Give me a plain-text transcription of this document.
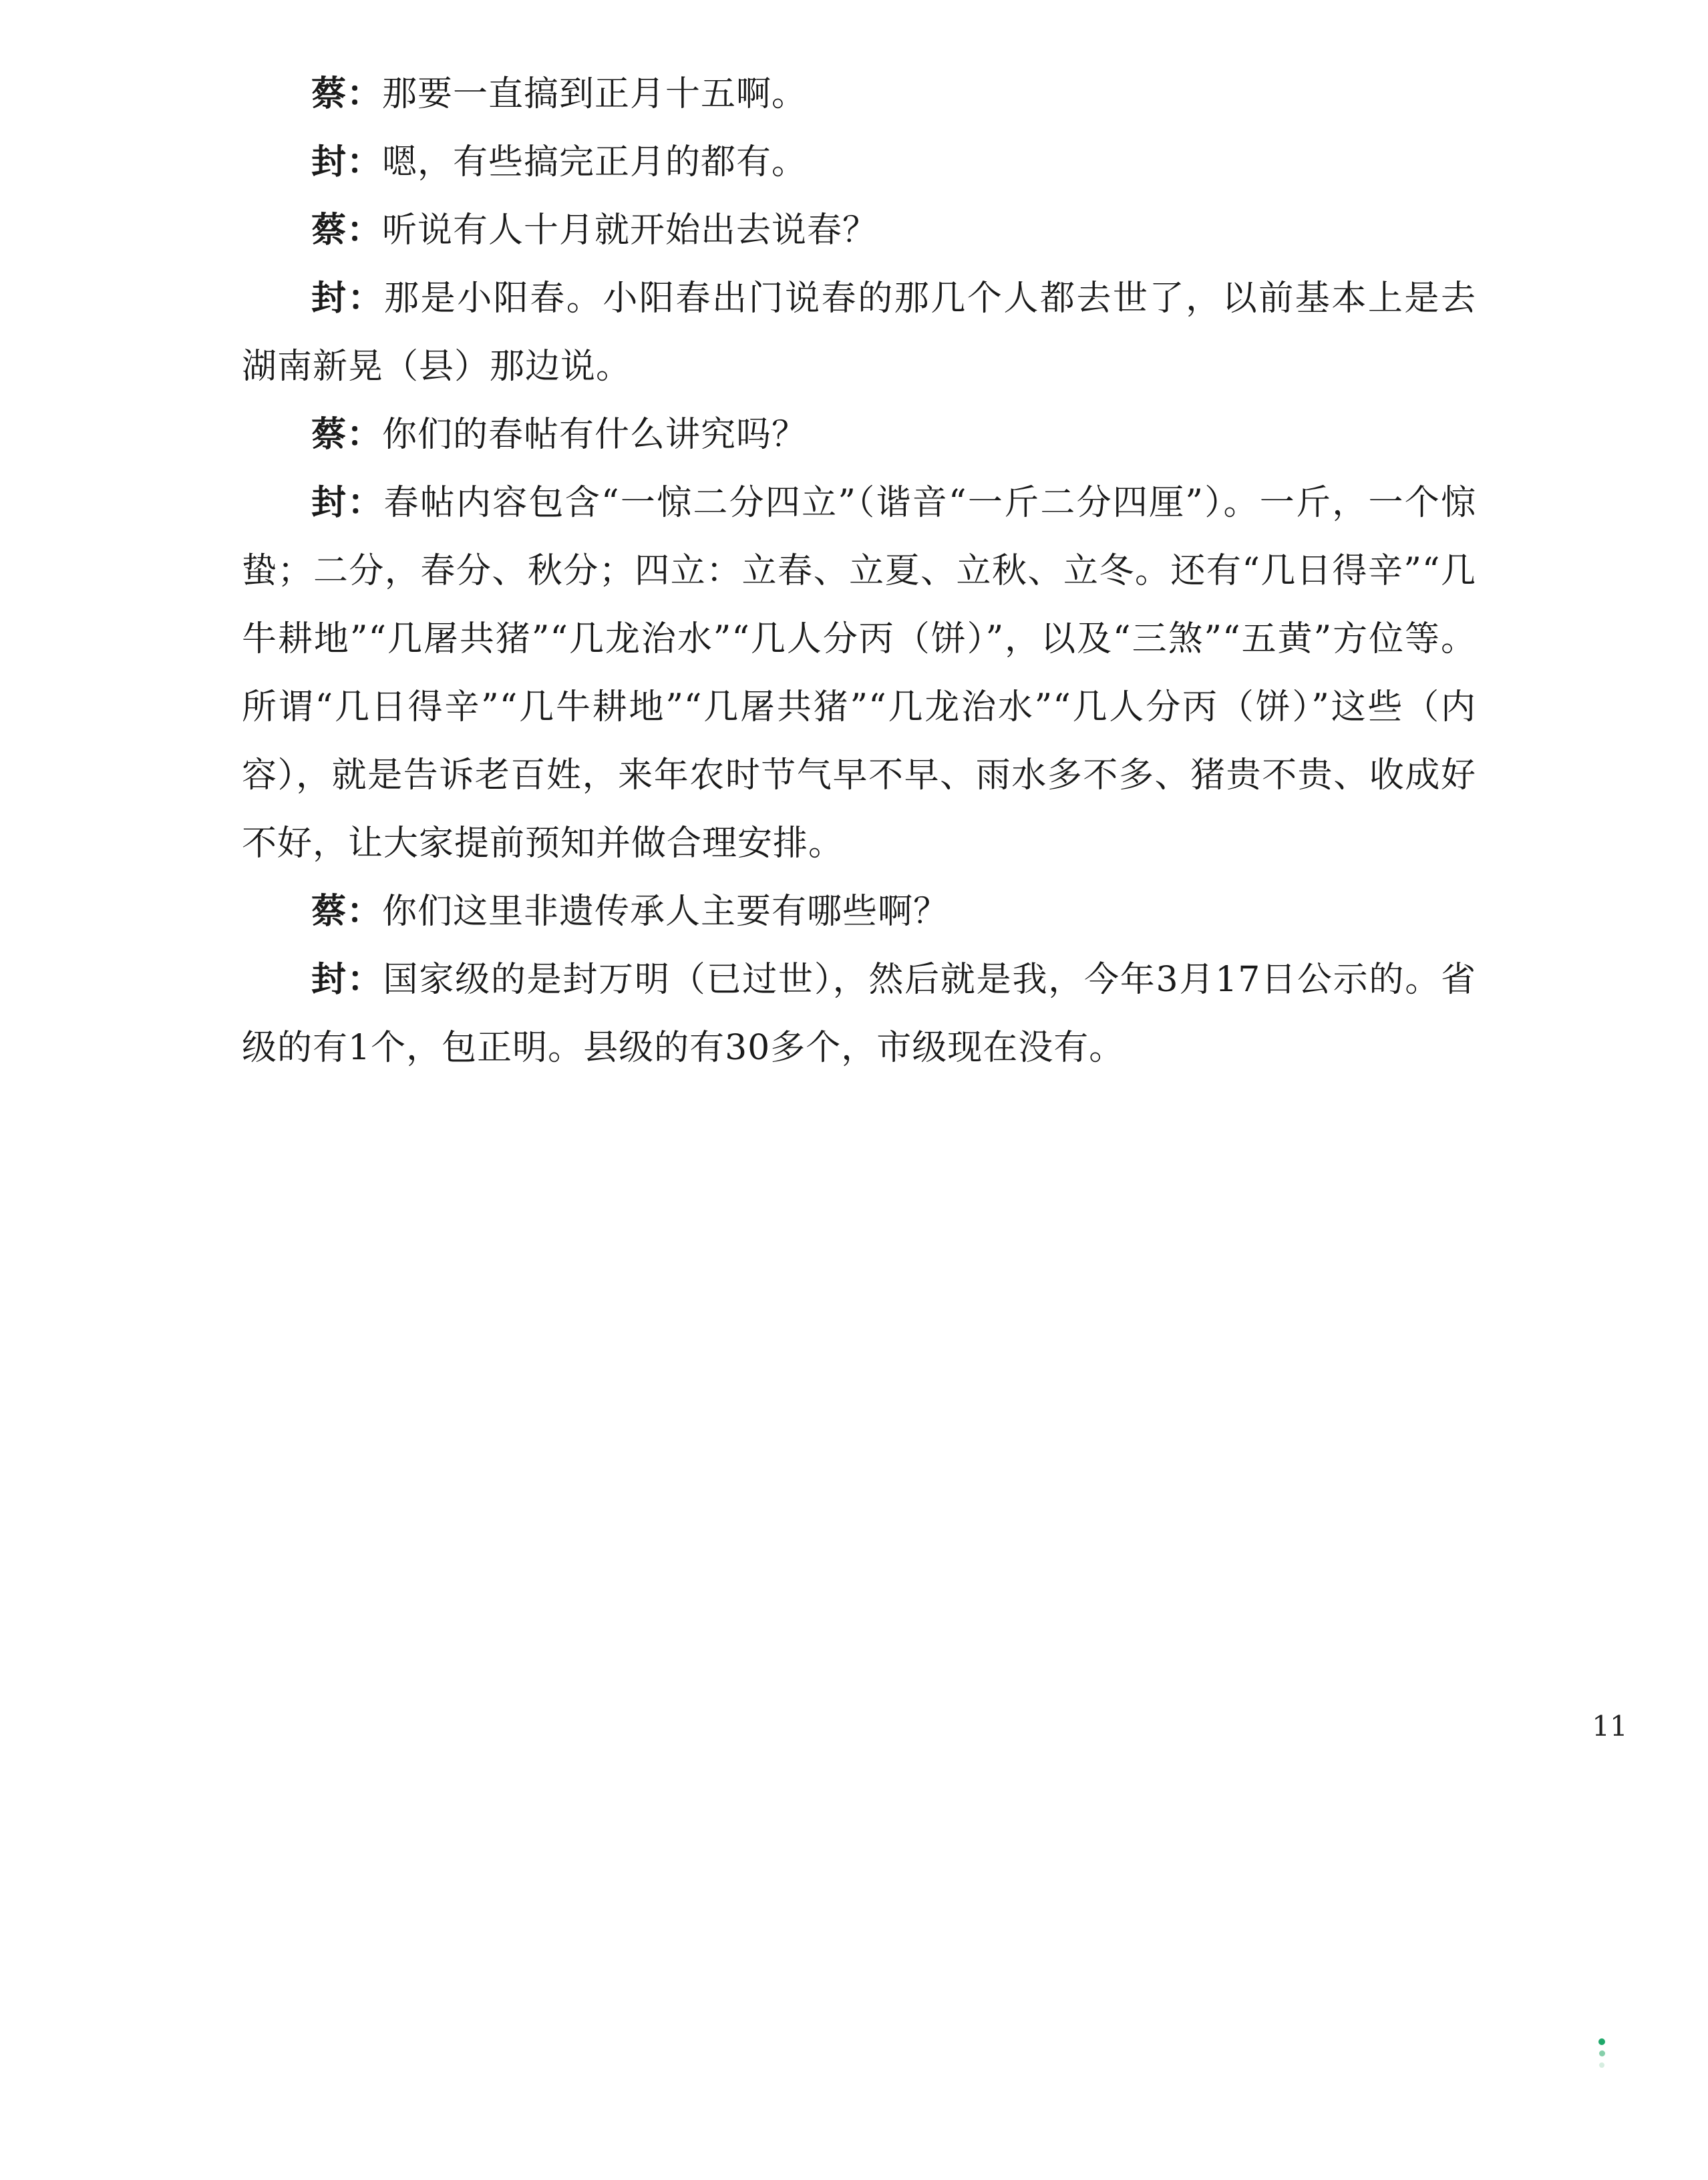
蔡：那要一直搞到正月十五啊。

封：嗯，有些搞完正月的都有。

蔡：听说有人十月就开始出去说春？

封：那是小阳春。小阳春出门说春的那几个人都去世了，以前基本上是去湖南新晃（县）那边说。

蔡：你们的春帖有什么讲究吗？

封：春帖内容包含“一惊二分四立”（谐音“一斤二分四厘”）。一斤，一个惊蛰；二分，春分、秋分；四立：立春、立夏、立秋、立冬。还有“几日得辛”“几牛耕地”“几屠共猪”“几龙治水”“几人分丙（饼）”，以及“三煞”“五黄”方位等。所谓“几日得辛”“几牛耕地”“几屠共猪”“几龙治水”“几人分丙（饼）”这些（内容），就是告诉老百姓，来年农时节气早不早、雨水多不多、猪贵不贵、收成好不好，让大家提前预知并做合理安排。

蔡：你们这里非遗传承人主要有哪些啊？

封：国家级的是封万明（已过世），然后就是我，今年3月17日公示的。省级的有1个，包正明。县级的有30多个，市级现在没有。

11
